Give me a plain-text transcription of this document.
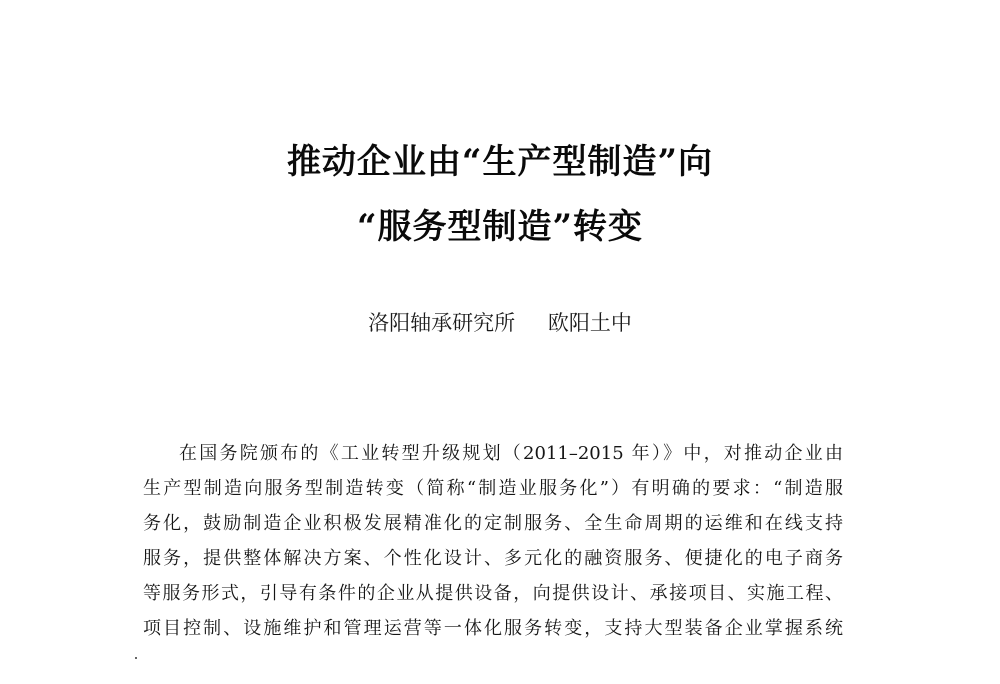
推动企业由“生产型制造”向
“服务型制造”转变
洛阳轴承研究所 欧阳土中
在国务院颁布的《工业转型升级规划（2011–2015 年）》中，对推动企业由
生产型制造向服务型制造转变（简称“制造业服务化”）有明确的要求：“制造服
务化，鼓励制造企业积极发展精准化的定制服务、全生命周期的运维和在线支持
服务，提供整体解决方案、个性化设计、多元化的融资服务、便捷化的电子商务
等服务形式，引导有条件的企业从提供设备，向提供设计、承接项目、实施工程、
项目控制、设施维护和管理运营等一体化服务转变，支持大型装备企业掌握系统
